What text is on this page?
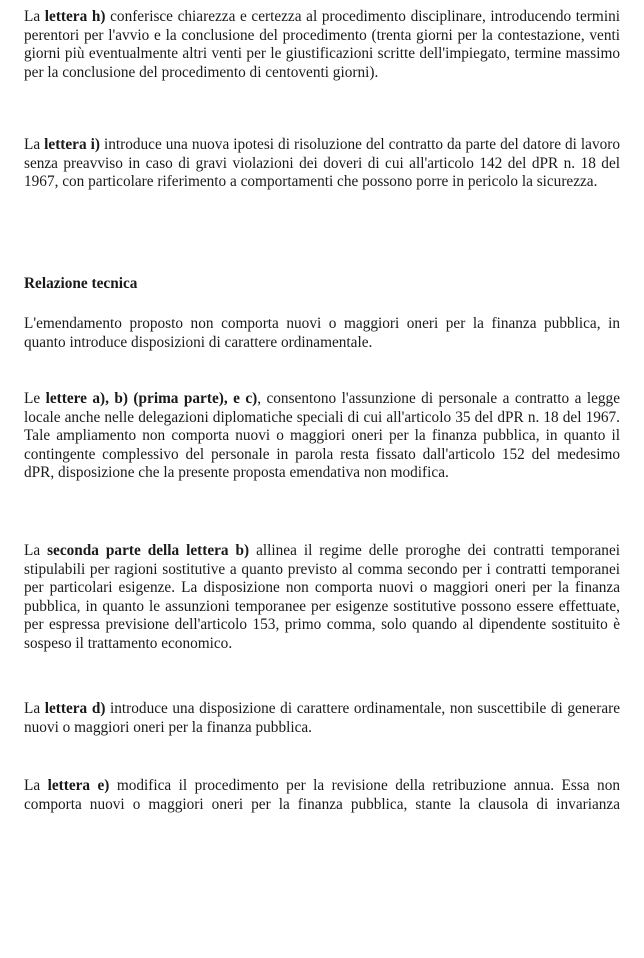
La lettera h) conferisce chiarezza e certezza al procedimento disciplinare, introducendo termini perentori per l'avvio e la conclusione del procedimento (trenta giorni per la contestazione, venti giorni più eventualmente altri venti per le giustificazioni scritte dell'impiegato, termine massimo per la conclusione del procedimento di centoventi giorni).

La lettera i) introduce una nuova ipotesi di risoluzione del contratto da parte del datore di lavoro senza preavviso in caso di gravi violazioni dei doveri di cui all'articolo 142 del dPR n. 18 del 1967, con particolare riferimento a comportamenti che possono porre in pericolo la sicurezza.

Relazione tecnica

L'emendamento proposto non comporta nuovi o maggiori oneri per la finanza pubblica, in quanto introduce disposizioni di carattere ordinamentale.

Le lettere a), b) (prima parte), e c), consentono l'assunzione di personale a contratto a legge locale anche nelle delegazioni diplomatiche speciali di cui all'articolo 35 del dPR n. 18 del 1967. Tale ampliamento non comporta nuovi o maggiori oneri per la finanza pubblica, in quanto il contingente complessivo del personale in parola resta fissato dall'articolo 152 del medesimo dPR, disposizione che la presente proposta emendativa non modifica.

La seconda parte della lettera b) allinea il regime delle proroghe dei contratti temporanei stipulabili per ragioni sostitutive a quanto previsto al comma secondo per i contratti temporanei per particolari esigenze. La disposizione non comporta nuovi o maggiori oneri per la finanza pubblica, in quanto le assunzioni temporanee per esigenze sostitutive possono essere effettuate, per espressa previsione dell'articolo 153, primo comma, solo quando al dipendente sostituito è sospeso il trattamento economico.

La lettera d) introduce una disposizione di carattere ordinamentale, non suscettibile di generare nuovi o maggiori oneri per la finanza pubblica.

La lettera e) modifica il procedimento per la revisione della retribuzione annua. Essa non comporta nuovi o maggiori oneri per la finanza pubblica, stante la clausola di invarianza
